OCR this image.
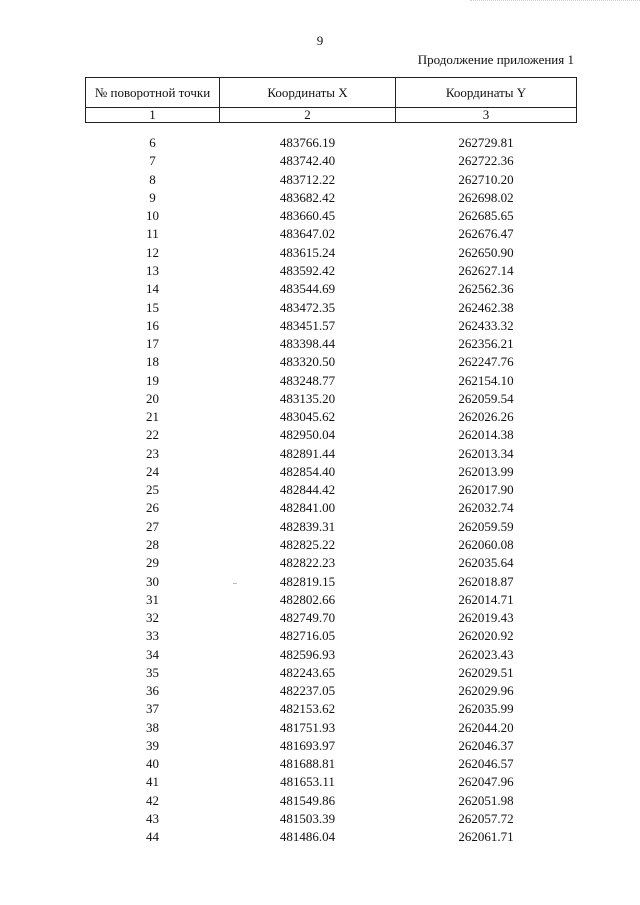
9
Продолжение приложения 1
№ поворотной точки	Координаты X	Координаты Y
1	2	3

6	483766.19	262729.81
7	483742.40	262722.36
8	483712.22	262710.20
9	483682.42	262698.02
10	483660.45	262685.65
11	483647.02	262676.47
12	483615.24	262650.90
13	483592.42	262627.14
14	483544.69	262562.36
15	483472.35	262462.38
16	483451.57	262433.32
17	483398.44	262356.21
18	483320.50	262247.76
19	483248.77	262154.10
20	483135.20	262059.54
21	483045.62	262026.26
22	482950.04	262014.38
23	482891.44	262013.34
24	482854.40	262013.99
25	482844.42	262017.90
26	482841.00	262032.74
27	482839.31	262059.59
28	482825.22	262060.08
29	482822.23	262035.64
30	482819.15	262018.87
31	482802.66	262014.71
32	482749.70	262019.43
33	482716.05	262020.92
34	482596.93	262023.43
35	482243.65	262029.51
36	482237.05	262029.96
37	482153.62	262035.99
38	481751.93	262044.20
39	481693.97	262046.37
40	481688.81	262046.57
41	481653.11	262047.96
42	481549.86	262051.98
43	481503.39	262057.72
44	481486.04	262061.71
